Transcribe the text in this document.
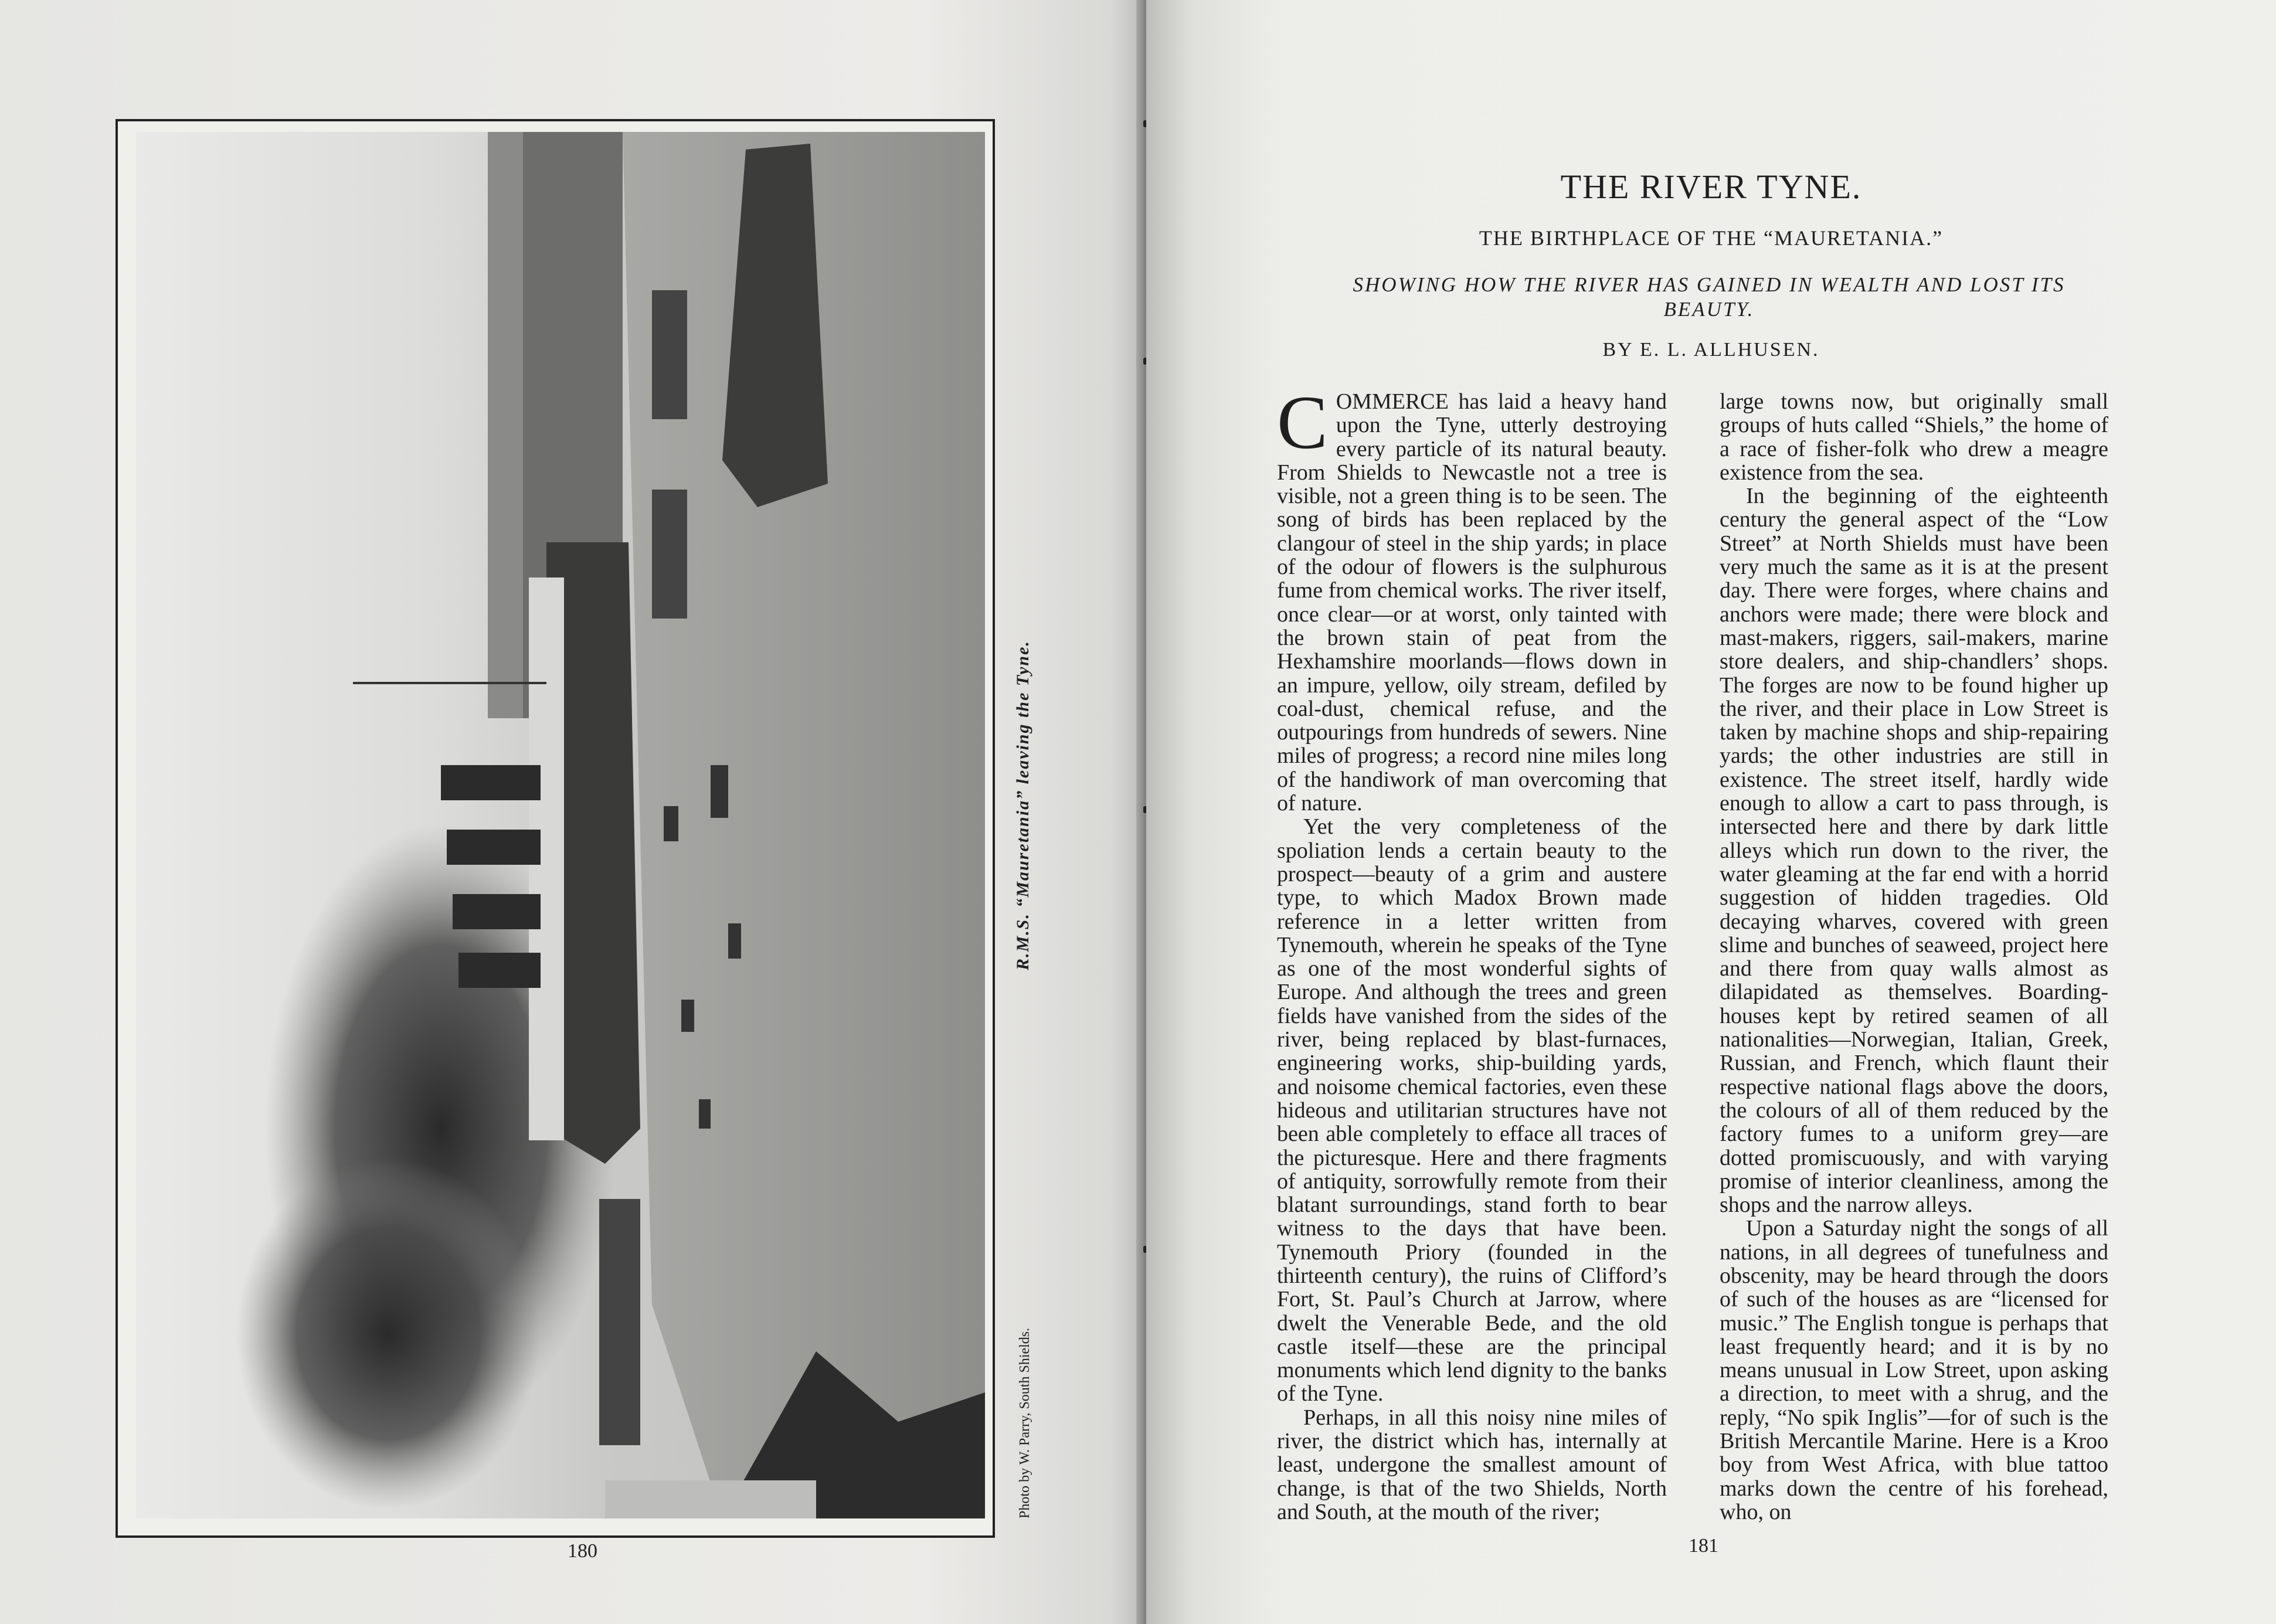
R.M.S. “Mauretania” leaving the Tyne.
Photo by W. Parry, South Shields.
180
THE RIVER TYNE.
THE BIRTHPLACE OF THE “MAURETANIA.”
SHOWING HOW THE RIVER HAS GAINED IN WEALTH AND LOST ITS BEAUTY.
BY E. L. ALLHUSEN.
C OMMERCE has laid a heavy hand upon the Tyne, utterly destroying every particle of its natural beauty. From Shields to Newcastle not a tree is visible, not a green thing is to be seen. The song of birds has been replaced by the clangour of steel in the ship yards; in place of the odour of flowers is the sulphurous fume from chemical works. The river itself, once clear—or at worst, only tainted with the brown stain of peat from the Hexhamshire moorlands—flows down in an impure, yellow, oily stream, defiled by coal-dust, chemical refuse, and the outpourings from hundreds of sewers. Nine miles of progress; a record nine miles long of the handiwork of man overcoming that of nature.

Yet the very completeness of the spoliation lends a certain beauty to the prospect—beauty of a grim and austere type, to which Madox Brown made reference in a letter written from Tynemouth, wherein he speaks of the Tyne as one of the most wonderful sights of Europe. And although the trees and green fields have vanished from the sides of the river, being replaced by blast-furnaces, engineering works, ship-building yards, and noisome chemical factories, even these hideous and utilitarian structures have not been able completely to efface all traces of the picturesque. Here and there fragments of antiquity, sorrowfully remote from their blatant surroundings, stand forth to bear witness to the days that have been. Tynemouth Priory (founded in the thirteenth century), the ruins of Clifford’s Fort, St. Paul’s Church at Jarrow, where dwelt the Venerable Bede, and the old castle itself—these are the principal monuments which lend dignity to the banks of the Tyne.

Perhaps, in all this noisy nine miles of river, the district which has, internally at least, undergone the smallest amount of change, is that of the two Shields, North and South, at the mouth of the river;

large towns now, but originally small groups of huts called “Shiels,” the home of a race of fisher-folk who drew a meagre existence from the sea.

In the beginning of the eighteenth century the general aspect of the “Low Street” at North Shields must have been very much the same as it is at the present day. There were forges, where chains and anchors were made; there were block and mast-makers, riggers, sail-makers, marine store dealers, and ship-chandlers’ shops. The forges are now to be found higher up the river, and their place in Low Street is taken by machine shops and ship-repairing yards; the other industries are still in existence. The street itself, hardly wide enough to allow a cart to pass through, is intersected here and there by dark little alleys which run down to the river, the water gleaming at the far end with a horrid suggestion of hidden tragedies. Old decaying wharves, covered with green slime and bunches of seaweed, project here and there from quay walls almost as dilapidated as themselves. Boarding-houses kept by retired seamen of all nationalities—Norwegian, Italian, Greek, Russian, and French, which flaunt their respective national flags above the doors, the colours of all of them reduced by the factory fumes to a uniform grey—are dotted promiscuously, and with varying promise of interior cleanliness, among the shops and the narrow alleys.

Upon a Saturday night the songs of all nations, in all degrees of tunefulness and obscenity, may be heard through the doors of such of the houses as are “licensed for music.” The English tongue is perhaps that least frequently heard; and it is by no means unusual in Low Street, upon asking a direction, to meet with a shrug, and the reply, “No spik Inglis”—for of such is the British Mercantile Marine. Here is a Kroo boy from West Africa, with blue tattoo marks down the centre of his forehead, who, on

181
